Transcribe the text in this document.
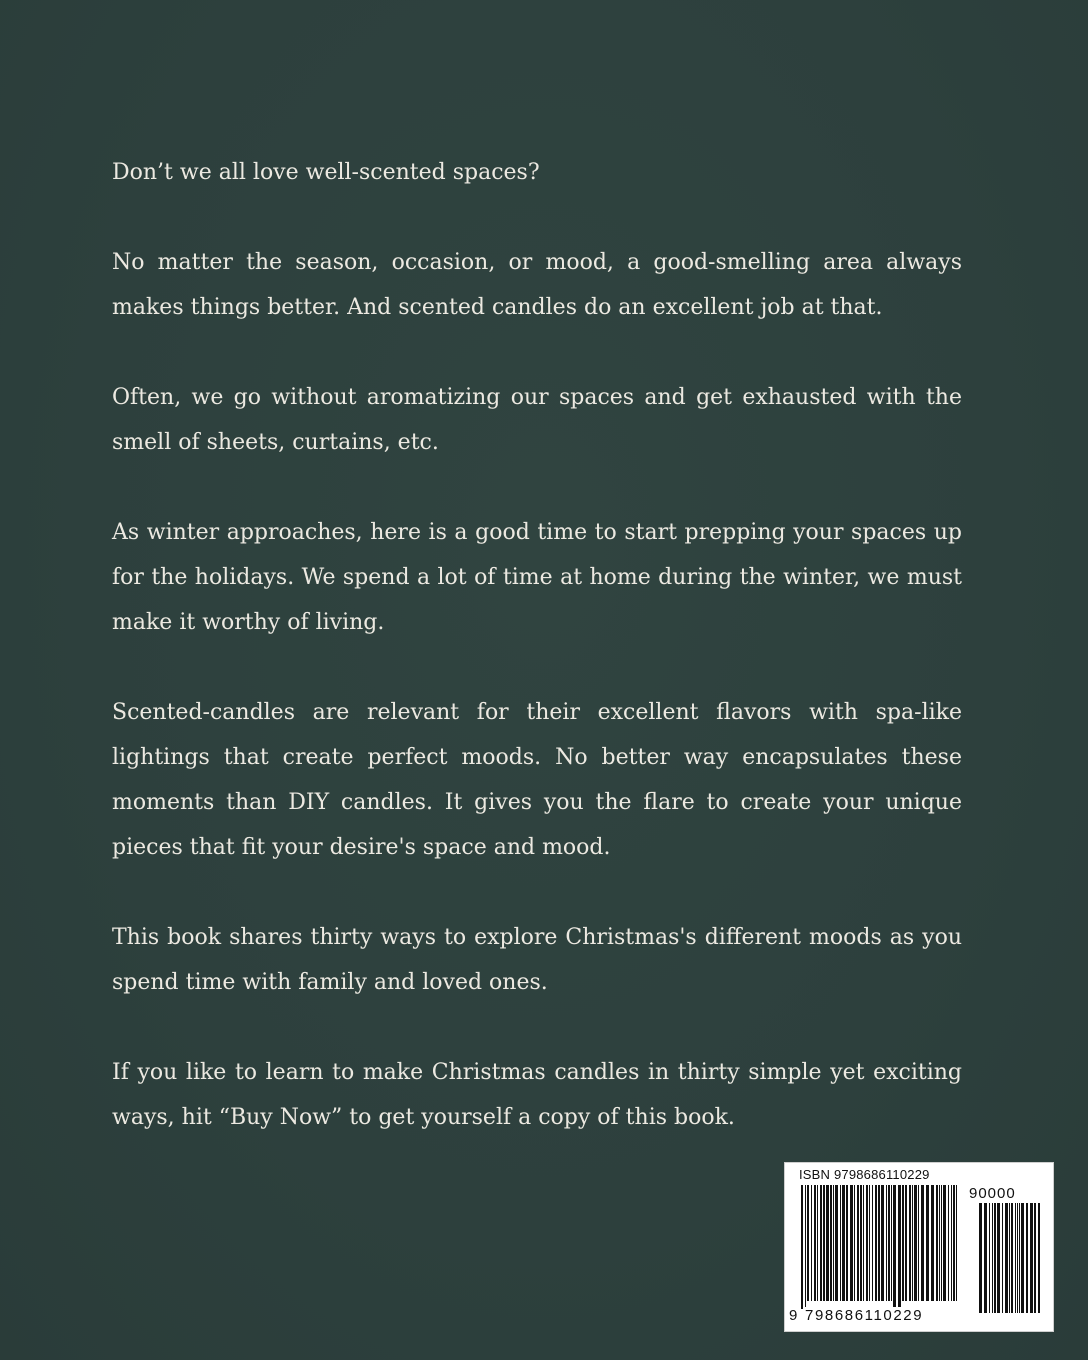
Don’t we all love well-scented spaces?

No matter the season, occasion, or mood, a good-smelling area always makes things better. And scented candles do an excellent job at that.

Often, we go without aromatizing our spaces and get exhausted with the smell of sheets, curtains, etc.

As winter approaches, here is a good time to start prepping your spaces up for the holidays. We spend a lot of time at home during the winter, we must make it worthy of living.

Scented-candles are relevant for their excellent flavors with spa-like lightings that create perfect moods. No better way encapsulates these moments than DIY candles. It gives you the flare to create your unique pieces that fit your desire's space and mood.

This book shares thirty ways to explore Christmas's different moods as you spend time with family and loved ones.

If you like to learn to make Christmas candles in thirty simple yet exciting ways, hit “Buy Now” to get yourself a copy of this book.

ISBN 9798686110229
90000
9 798686110229
